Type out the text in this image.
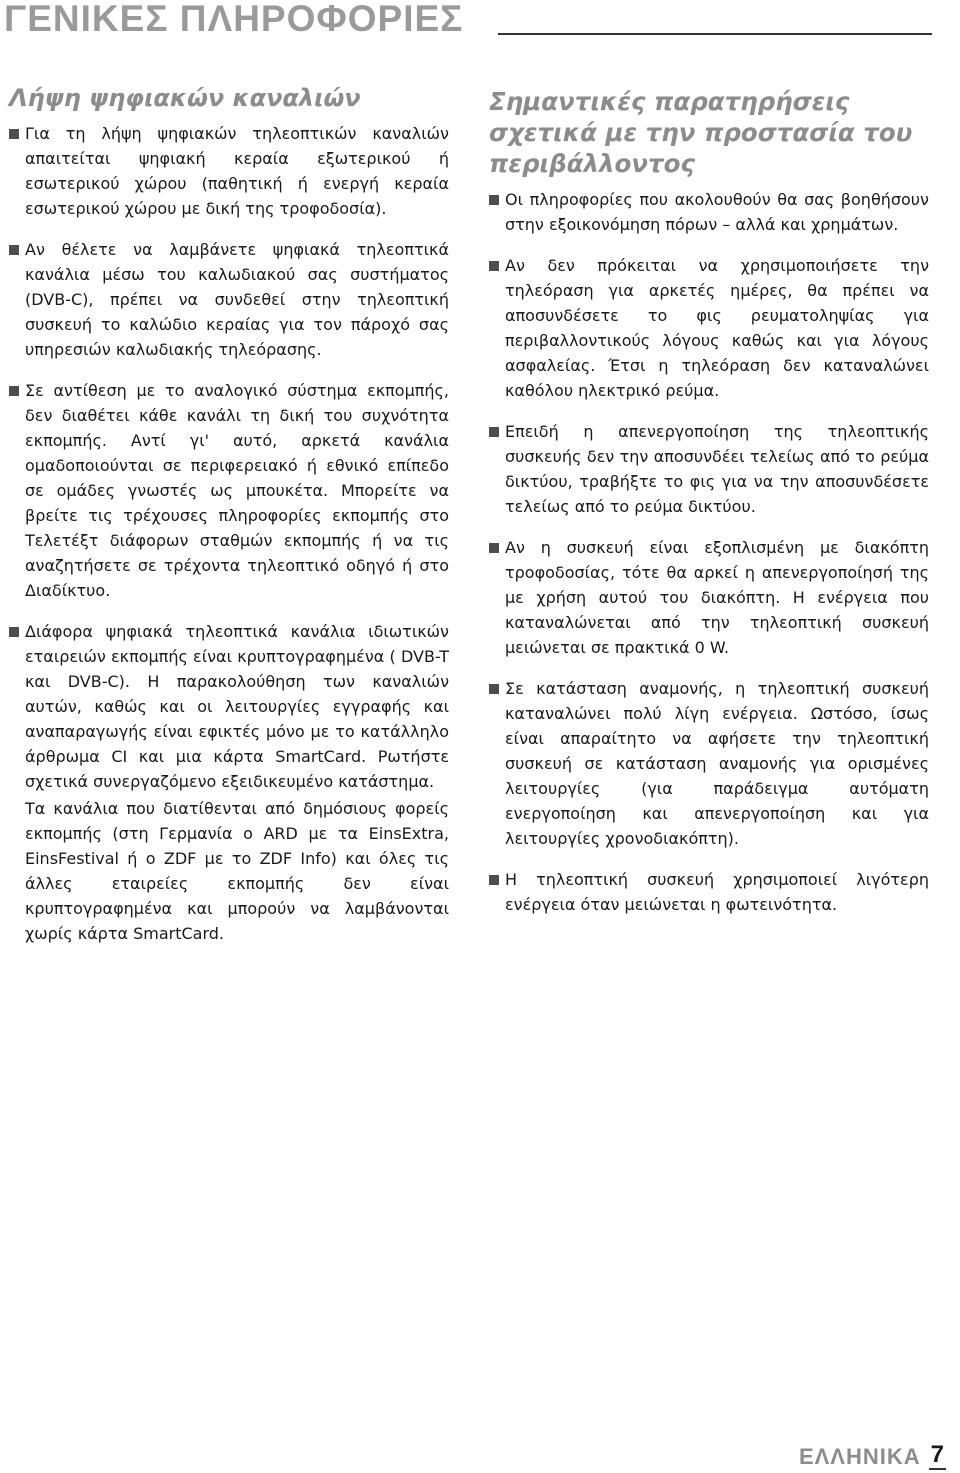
ΓΕΝΙΚΕΣ ΠΛΗΡΟΦΟΡΙΕΣ
Λήψη ψηφιακών καναλιών

Για τη λήψη ψηφιακών τηλεοπτικών καναλιών απαιτείται ψηφιακή κεραία εξωτερικού ή εσωτερικού χώρου (παθητική ή ενεργή κεραία εσωτερικού χώρου με δική της τροφοδοσία).

Αν θέλετε να λαμβάνετε ψηφιακά τηλεοπτικά κανάλια μέσω του καλωδιακού σας συστήματος (DVB-C), πρέπει να συνδεθεί στην τηλεοπτική συσκευή το καλώδιο κεραίας για τον πάροχό σας υπηρεσιών καλωδιακής τηλεόρασης.

Σε αντίθεση με το αναλογικό σύστημα εκπομπής, δεν διαθέτει κάθε κανάλι τη δική του συχνότητα εκπομπής. Αντί γι' αυτό, αρκετά κανάλια ομαδοποιούνται σε περιφερειακό ή εθνικό επίπεδο σε ομάδες γνωστές ως μπουκέτα. Μπορείτε να βρείτε τις τρέχουσες πληροφορίες εκπομπής στο Τελετέξτ διάφορων σταθμών εκπομπής ή να τις αναζητήσετε σε τρέχοντα τηλεοπτικό οδηγό ή στο Διαδίκτυο.

Διάφορα ψηφιακά τηλεοπτικά κανάλια ιδιωτικών εταιρειών εκπομπής είναι κρυπτογραφημένα ( DVB-T και DVB-C). Η παρακολούθηση των καναλιών αυτών, καθώς και οι λειτουργίες εγγραφής και αναπαραγωγής είναι εφικτές μόνο με το κατάλληλο άρθρωμα CI και μια κάρτα SmartCard. Ρωτήστε σχετικά συνεργαζόμενο εξειδικευμένο κατάστημα.

Τα κανάλια που διατίθενται από δημόσιους φορείς εκπομπής (στη Γερμανία ο ARD με τα EinsExtra, EinsFestival ή ο ZDF με το ZDF Info) και όλες τις άλλες εταιρείες εκπομπής δεν είναι κρυπτογραφημένα και μπορούν να λαμβάνονται χωρίς κάρτα SmartCard.

Σημαντικές παρατηρήσεις σχετικά με την προστασία του περιβάλλοντος

Οι πληροφορίες που ακολουθούν θα σας βοηθήσουν στην εξοικονόμηση πόρων – αλλά και χρημάτων.

Αν δεν πρόκειται να χρησιμοποιήσετε την τηλεόραση για αρκετές ημέρες, θα πρέπει να αποσυνδέσετε το φις ρευματοληψίας για περιβαλλοντικούς λόγους καθώς και για λόγους ασφαλείας. Έτσι η τηλεόραση δεν καταναλώνει καθόλου ηλεκτρικό ρεύμα.

Επειδή η απενεργοποίηση της τηλεοπτικής συσκευής δεν την αποσυνδέει τελείως από το ρεύμα δικτύου, τραβήξτε το φις για να την αποσυνδέσετε τελείως από το ρεύμα δικτύου.

Αν η συσκευή είναι εξοπλισμένη με διακόπτη τροφοδοσίας, τότε θα αρκεί η απενεργοποίησή της με χρήση αυτού του διακόπτη. Η ενέργεια που καταναλώνεται από την τηλεοπτική συσκευή μειώνεται σε πρακτικά 0 W.

Σε κατάσταση αναμονής, η τηλεοπτική συσκευή καταναλώνει πολύ λίγη ενέργεια. Ωστόσο, ίσως είναι απαραίτητο να αφήσετε την τηλεοπτική συσκευή σε κατάσταση αναμονής για ορισμένες λειτουργίες (για παράδειγμα αυτόματη ενεργοποίηση και απενεργοποίηση και για λειτουργίες χρονοδιακόπτη).

Η τηλεοπτική συσκευή χρησιμοποιεί λιγότερη ενέργεια όταν μειώνεται η φωτεινότητα.

ΕΛΛΗΝΙΚΑ 7
